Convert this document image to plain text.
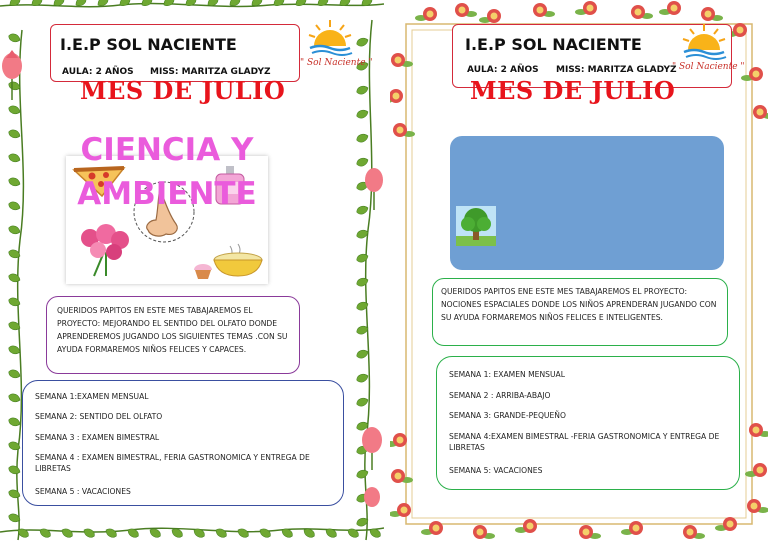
I.E.P SOL NACIENTE
AULA: 2 AÑOS MISS: MARITZA GLADYZ
" Sol Naciente "
MES DE JULIO
CIENCIA Y
AMBIENTE
QUERIDOS PAPITOS EN ESTE MES TABAJAREMOS EL PROYECTO: MEJORANDO EL SENTIDO DEL OLFATO DONDE APRENDEREMOS JUGANDO LOS SIGUIENTES TEMAS .CON SU AYUDA FORMAREMOS NIÑOS FELICES Y CAPACES.
SEMANA 1:EXAMEN MENSUAL
SEMANA 2: SENTIDO DEL OLFATO
SEMANA 3 : EXAMEN BIMESTRAL
SEMANA 4 : EXAMEN BIMESTRAL, FERIA GASTRONOMICA Y ENTREGA DE LIBRETAS
SEMANA 5 : VACACIONES
I.E.P SOL NACIENTE
AULA: 2 AÑOS MISS: MARITZA GLADYZ
" Sol Naciente "
MES DE JULIO
QUERIDOS PAPITOS ENE ESTE MES TABAJAREMOS EL PROYECTO: NOCIONES ESPACIALES DONDE LOS NIÑOS APRENDERAN JUGANDO CON SU AYUDA FORMAREMOS NIÑOS FELICES E INTELIGENTES.
SEMANA 1: EXAMEN MENSUAL
SEMANA 2 : ARRIBA-ABAJO
SEMANA 3: GRANDE-PEQUEÑO
SEMANA 4:EXAMEN BIMESTRAL -FERIA GASTRONOMICA Y ENTREGA DE LIBRETAS
SEMANA 5: VACACIONES
